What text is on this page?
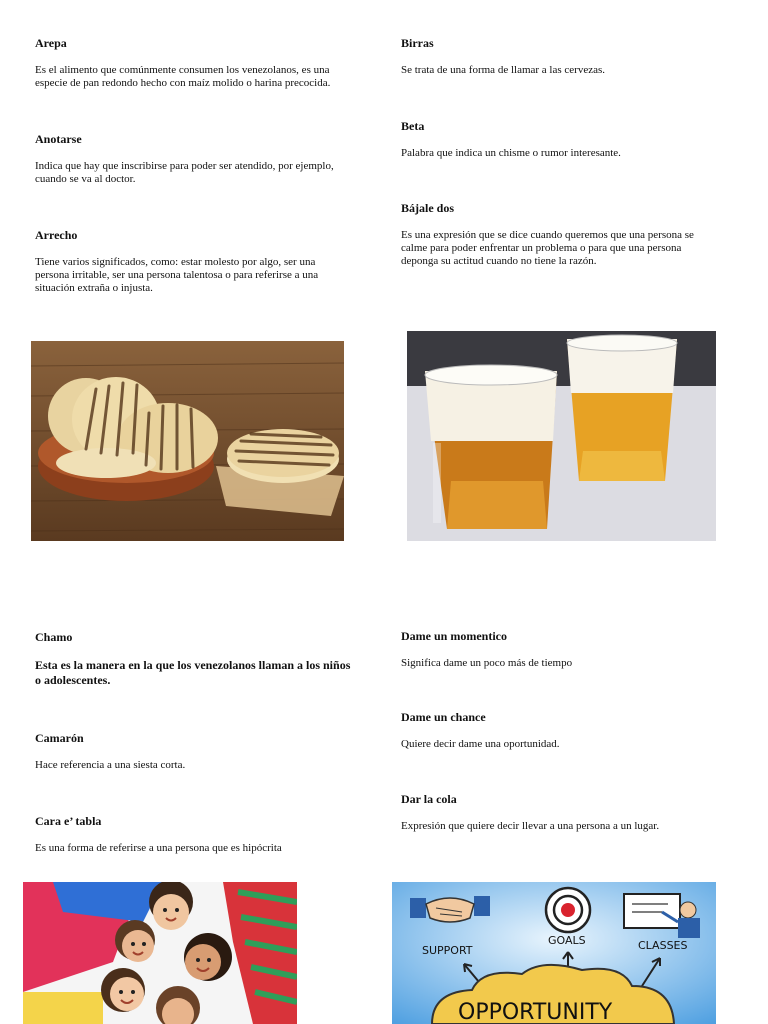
Arepa

Es el alimento que comúnmente consumen los venezolanos, es una especie de pan redondo hecho con maíz molido o harina precocida.

Anotarse

Indica que hay que inscribirse para poder ser atendido, por ejemplo, cuando se va al doctor.

Arrecho

Tiene varios significados, como: estar molesto por algo, ser una persona irritable, ser una persona talentosa o para referirse a una situación extraña o injusta.

Birras

Se trata de una forma de llamar a las cervezas.

Beta

Palabra que indica un chisme o rumor interesante.

Bájale dos

Es una expresión que se dice cuando queremos que una persona se calme para poder enfrentar un problema o para que una persona deponga su actitud cuando no tiene la razón.

Chamo

Esta es la manera en la que los venezolanos llaman a los niños o adolescentes.

Camarón

Hace referencia a una siesta corta.

Cara e’ tabla

Es una forma de referirse a una persona que es hipócrita

Dame un momentico

Significa dame un poco más de tiempo

Dame un chance

Quiere decir dame una oportunidad.

Dar la cola

Expresión que quiere decir llevar a una persona a un lugar.

SUPPORT
GOALS	CLASSES
OPPORTUNITY
